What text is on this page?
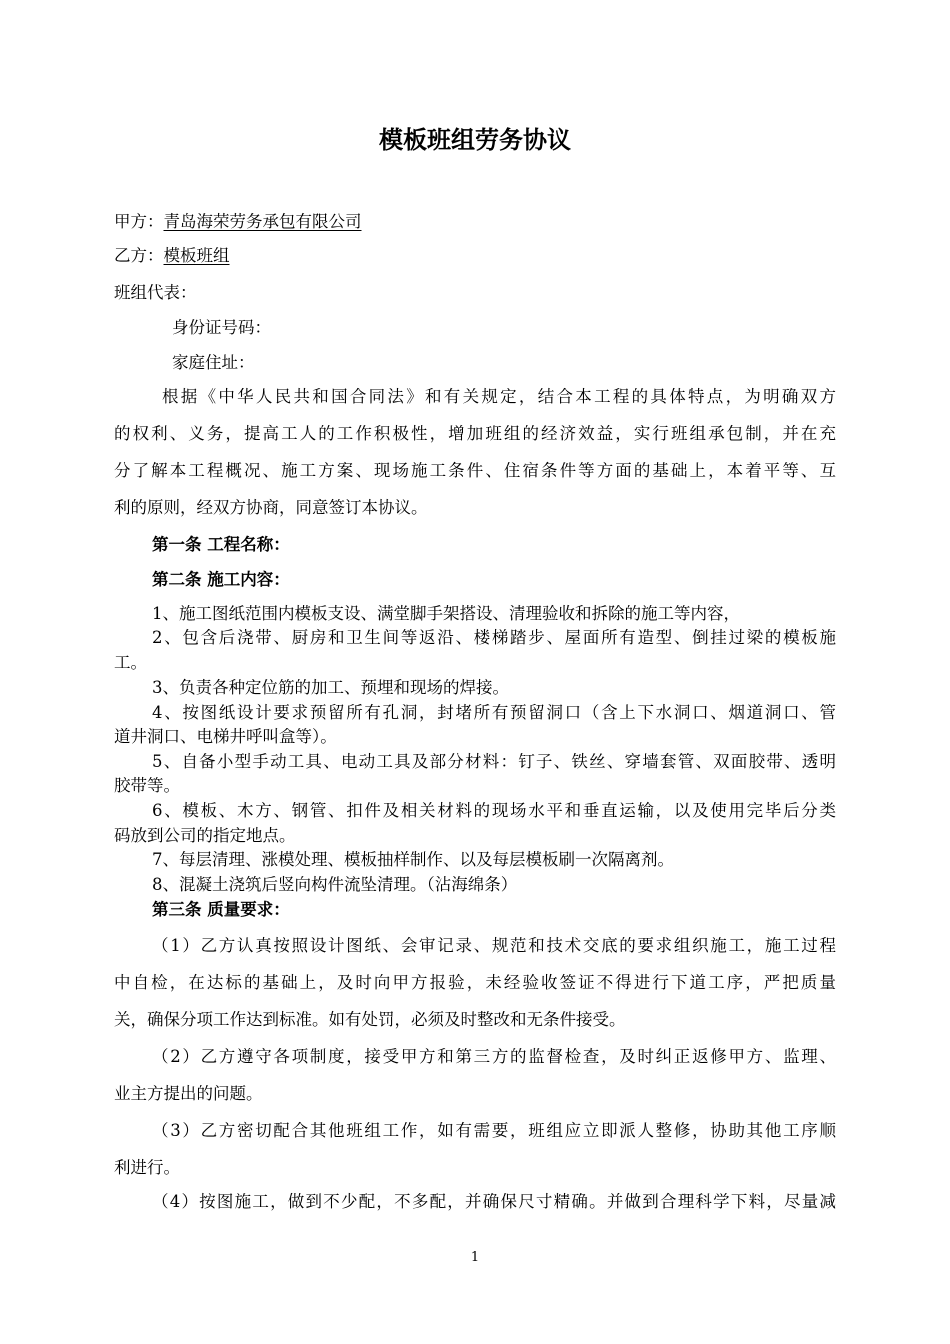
模板班组劳务协议
甲方：青岛海荣劳务承包有限公司
乙方：模板班组
班组代表：
身份证号码：
家庭住址：
根据《中华人民共和国合同法》和有关规定，结合本工程的具体特点，为明确双方
的权利、义务，提高工人的工作积极性，增加班组的经济效益，实行班组承包制，并在充
分了解本工程概况、施工方案、现场施工条件、住宿条件等方面的基础上，本着平等、互
利的原则，经双方协商，同意签订本协议。
第一条 工程名称：
第二条 施工内容：
1、施工图纸范围内模板支设、满堂脚手架搭设、清理验收和拆除的施工等内容，
2、包含后浇带、厨房和卫生间等返沿、楼梯踏步、屋面所有造型、倒挂过梁的模板施
工。
3、负责各种定位筋的加工、预埋和现场的焊接。
4、按图纸设计要求预留所有孔洞，封堵所有预留洞口（含上下水洞口、烟道洞口、管
道井洞口、电梯井呼叫盒等）。
5、自备小型手动工具、电动工具及部分材料：钉子、铁丝、穿墙套管、双面胶带、透明
胶带等。
6、模板、木方、钢管、扣件及相关材料的现场水平和垂直运输，以及使用完毕后分类
码放到公司的指定地点。
7、每层清理、涨模处理、模板抽样制作、以及每层模板刷一次隔离剂。
8、混凝土浇筑后竖向构件流坠清理。（沾海绵条）
第三条 质量要求：
（1）乙方认真按照设计图纸、会审记录、规范和技术交底的要求组织施工，施工过程
中自检，在达标的基础上，及时向甲方报验，未经验收签证不得进行下道工序，严把质量
关，确保分项工作达到标准。如有处罚，必须及时整改和无条件接受。
（2）乙方遵守各项制度，接受甲方和第三方的监督检查，及时纠正返修甲方、监理、
业主方提出的问题。
（3）乙方密切配合其他班组工作，如有需要，班组应立即派人整修，协助其他工序顺
利进行。
（4）按图施工，做到不少配，不多配，并确保尺寸精确。并做到合理科学下料，尽量减
1
